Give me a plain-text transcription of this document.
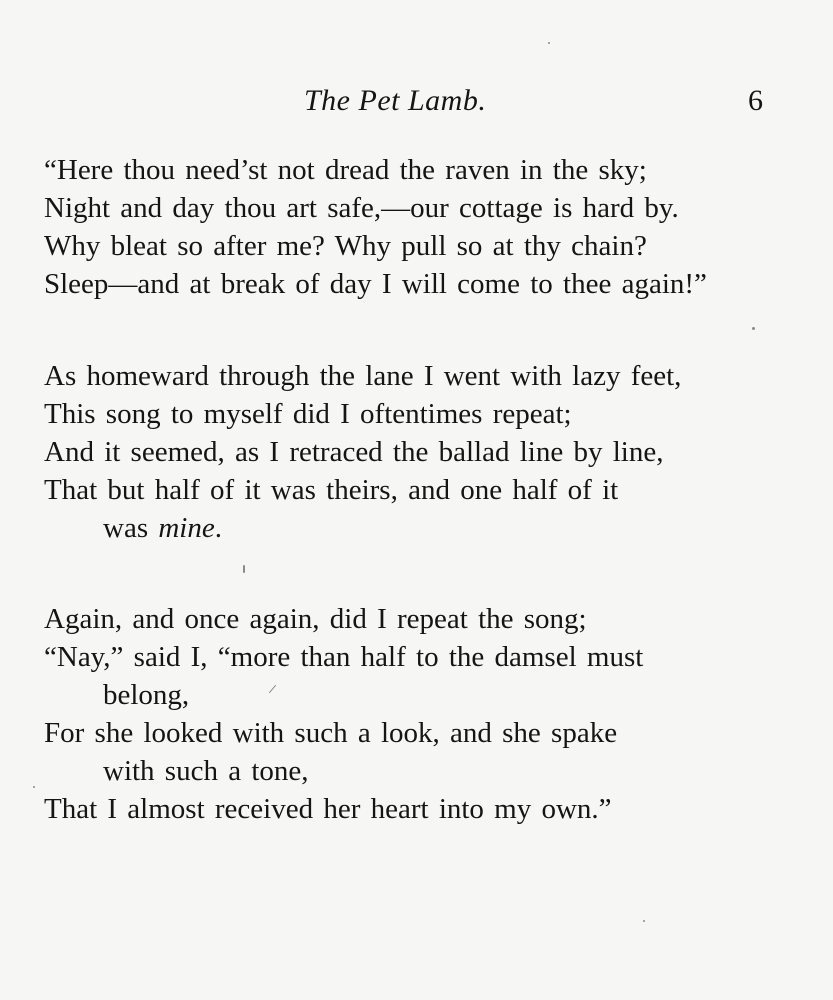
The Pet Lamb.	6
“Here thou need’st not dread the raven in the sky;
Night and day thou art safe,—our cottage is hard by.
Why bleat so after me? Why pull so at thy chain?
Sleep—and at break of day I will come to thee again!”
As homeward through the lane I went with lazy feet,
This song to myself did I oftentimes repeat;
And it seemed, as I retraced the ballad line by line,
That but half of it was theirs, and one half of it
was mine.
Again, and once again, did I repeat the song;
“Nay,” said I, “more than half to the damsel must
belong,
For she looked with such a look, and she spake
with such a tone,
That I almost received her heart into my own.”
